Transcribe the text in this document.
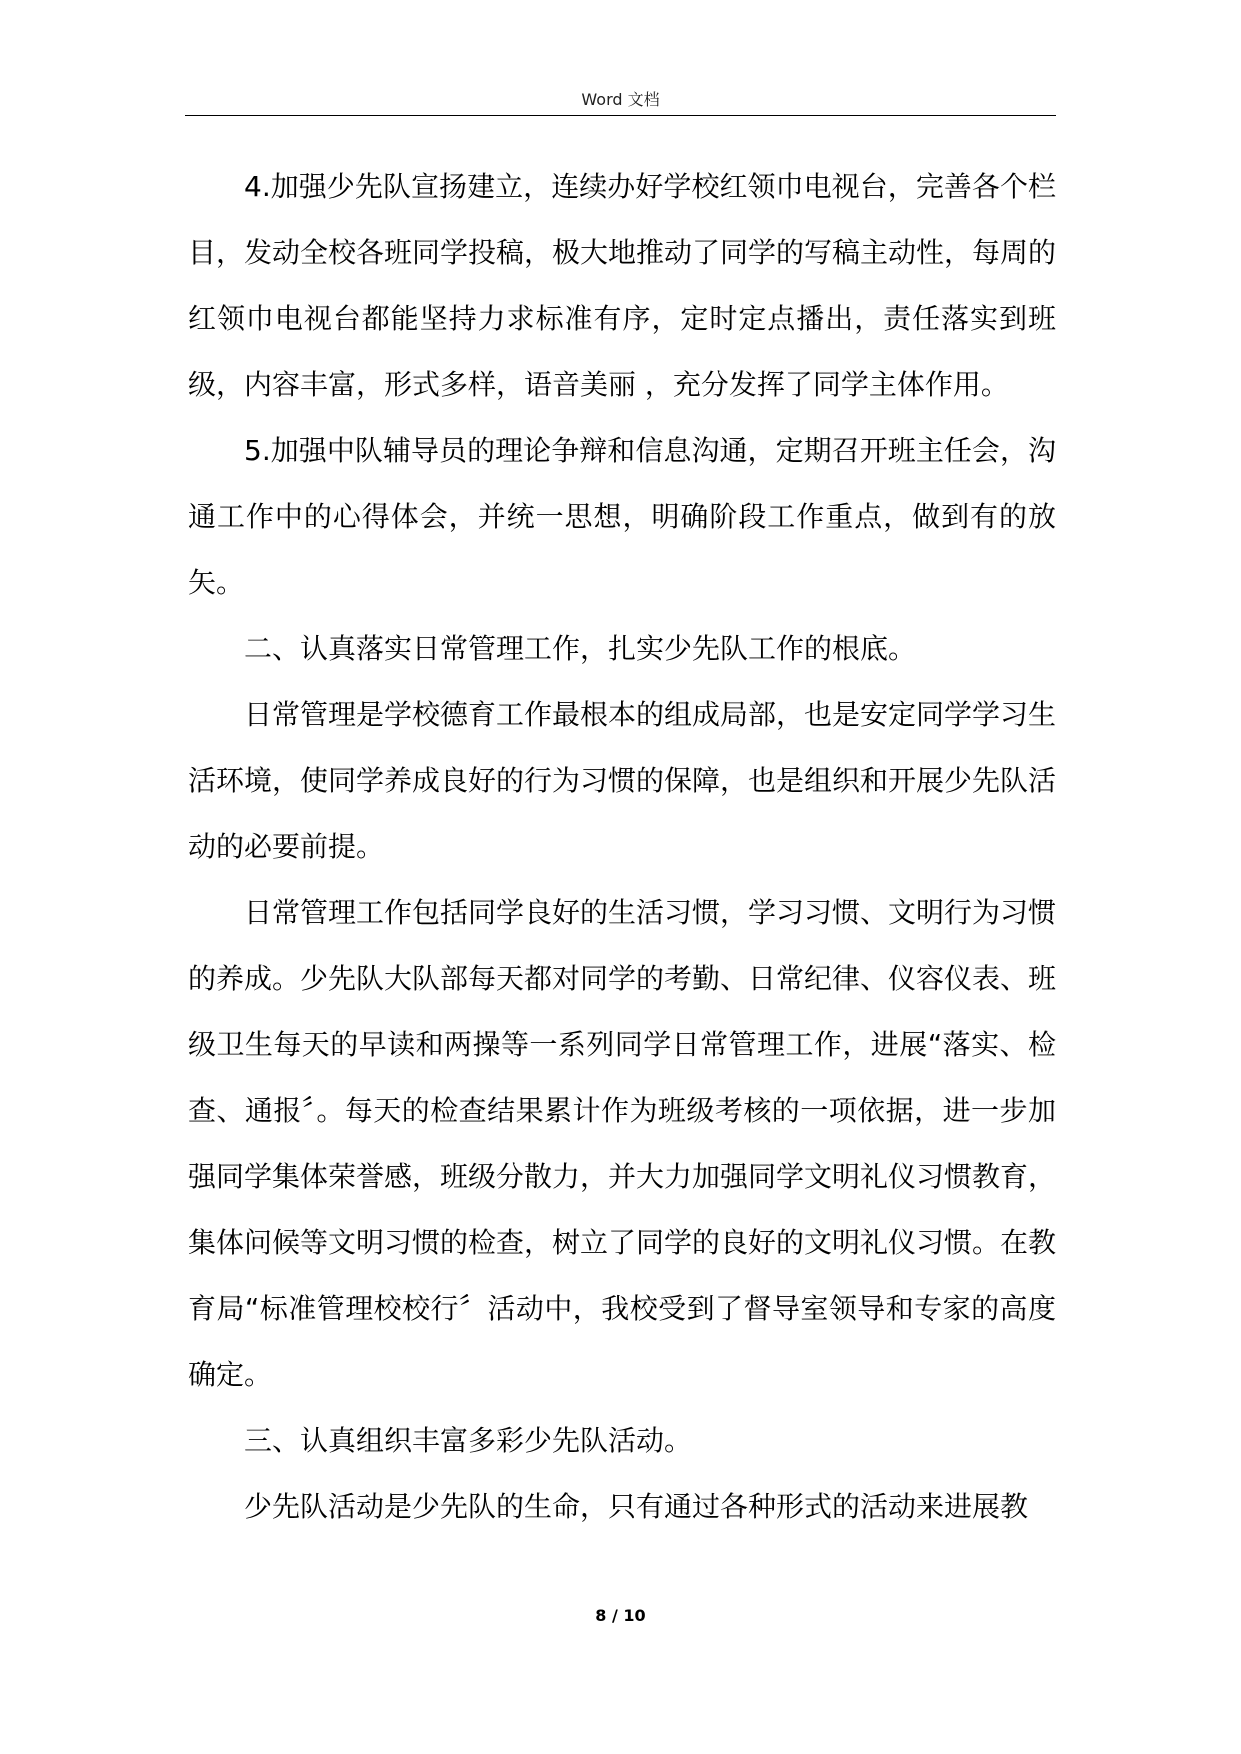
Word 文档

4.加强少先队宣扬建立，连续办好学校红领巾电视台，完善各个栏目，发动全校各班同学投稿，极大地推动了同学的写稿主动性，每周的红领巾电视台都能坚持力求标准有序，定时定点播出，责任落实到班级，内容丰富，形式多样，语音美丽 ，充分发挥了同学主体作用。

5.加强中队辅导员的理论争辩和信息沟通，定期召开班主任会，沟通工作中的心得体会，并统一思想，明确阶段工作重点，做到有的放矢。

二、认真落实日常管理工作，扎实少先队工作的根底。

日常管理是学校德育工作最根本的组成局部，也是安定同学学习生活环境，使同学养成良好的行为习惯的保障，也是组织和开展少先队活动的必要前提。

日常管理工作包括同学良好的生活习惯，学习习惯、文明行为习惯的养成。少先队大队部每天都对同学的考勤、日常纪律、仪容仪表、班级卫生每天的早读和两操等一系列同学日常管理工作，进展“落实、检查、通报〞。每天的检查结果累计作为班级考核的一项依据，进一步加强同学集体荣誉感，班级分散力，并大力加强同学文明礼仪习惯教育，集体问候等文明习惯的检查，树立了同学的良好的文明礼仪习惯。在教育局“标准管理校校行〞活动中，我校受到了督导室领导和专家的高度确定。

三、认真组织丰富多彩少先队活动。

少先队活动是少先队的生命，只有通过各种形式的活动来进展教

8 / 10
